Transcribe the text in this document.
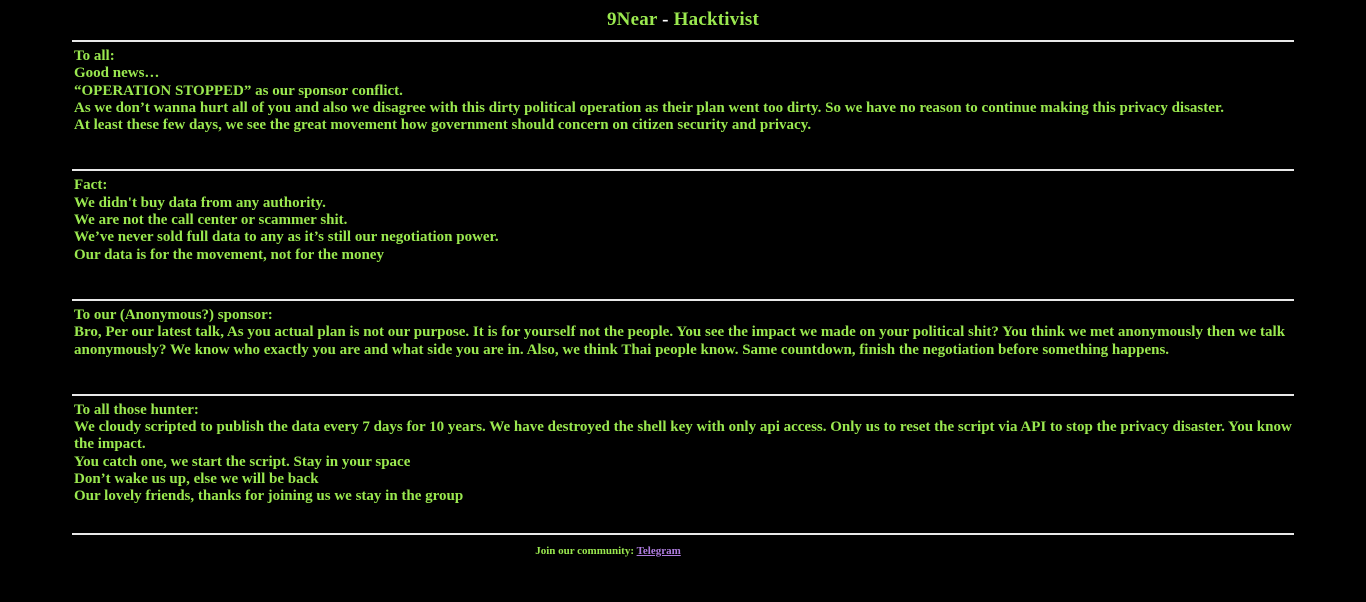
9Near - Hacktivist
To all:
Good news…
“OPERATION STOPPED” as our sponsor conflict.
As we don’t wanna hurt all of you and also we disagree with this dirty political operation as their plan went too dirty. So we have no reason to continue making this privacy disaster.
At least these few days, we see the great movement how government should concern on citizen security and privacy.
Fact:
We didn't buy data from any authority.
We are not the call center or scammer shit.
We’ve never sold full data to any as it’s still our negotiation power.
Our data is for the movement, not for the money
To our (Anonymous?) sponsor:
Bro, Per our latest talk, As you actual plan is not our purpose. It is for yourself not the people. You see the impact we made on your political shit? You think we met anonymously then we talk anonymously? We know who exactly you are and what side you are in. Also, we think Thai people know. Same countdown, finish the negotiation before something happens.
To all those hunter:
We cloudy scripted to publish the data every 7 days for 10 years. We have destroyed the shell key with only api access. Only us to reset the script via API to stop the privacy disaster. You know the impact.
You catch one, we start the script. Stay in your space
Don’t wake us up, else we will be back
Our lovely friends, thanks for joining us we stay in the group
Join our community: Telegram
